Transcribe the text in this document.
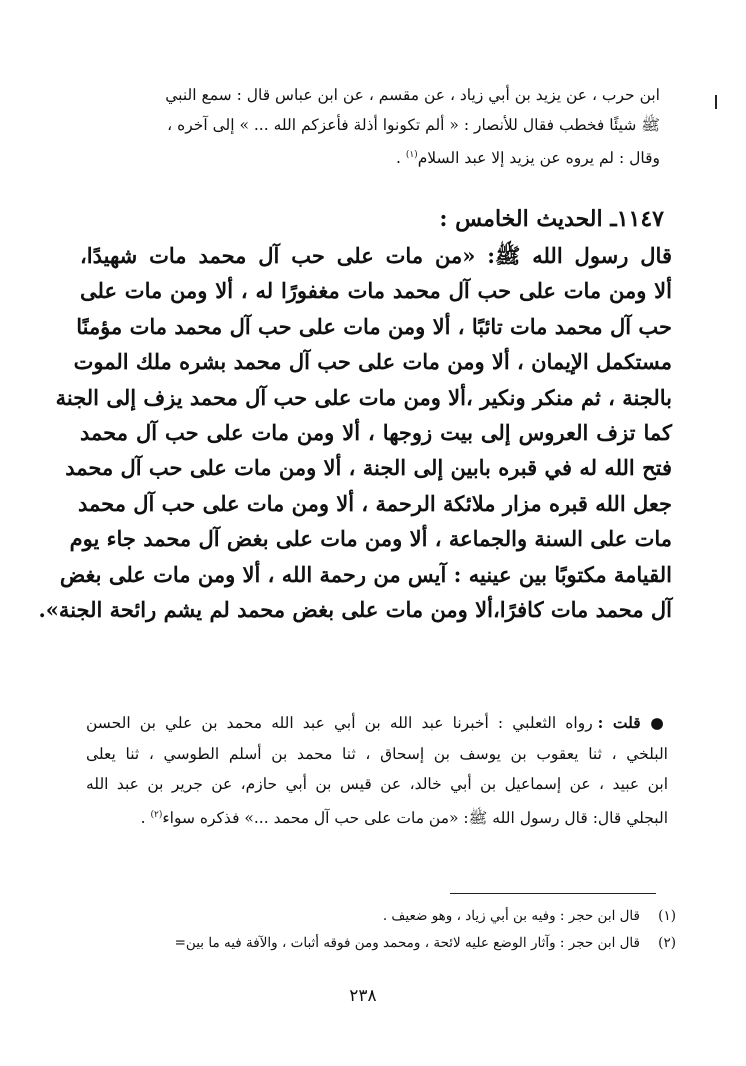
ابن حرب ، عن يزيد بن أبي زياد ، عن مقسم ، عن ابن عباس قال : سمع النبي
ﷺ شيئًا فخطب فقال للأنصار : « ألم تكونوا أذلة فأعزكم الله ... » إلى آخره ،
وقال : لم يروه عن يزيد إلا عبد السلام$^{(١)}$ .
١١٤٧ـ الحديث الخامس :
قال رسول الله ﷺ: «من مات على حب آل محمد مات شهيدًا،
ألا ومن مات على حب آل محمد مات مغفورًا له ، ألا ومن مات على
حب آل محمد مات تائبًا ، ألا ومن مات على حب آل محمد مات مؤمنًا
مستكمل الإيمان ، ألا ومن مات على حب آل محمد بشره ملك الموت
بالجنة ، ثم منكر ونكير ،ألا ومن مات على حب آل محمد يزف إلى الجنة
كما تزف العروس إلى بيت زوجها ، ألا ومن مات على حب آل محمد
فتح الله له في قبره بابين إلى الجنة ، ألا ومن مات على حب آل محمد
جعل الله قبره مزار ملائكة الرحمة ، ألا ومن مات على حب آل محمد
مات على السنة والجماعة ، ألا ومن مات على بغض آل محمد جاء يوم
القيامة مكتوبًا بين عينيه : آيس من رحمة الله ، ألا ومن مات على بغض
آل محمد مات كافرًا،ألا ومن مات على بغض محمد لم يشم رائحة الجنة».
● قلت : رواه الثعلبي : أخبرنا عبد الله بن أبي عبد الله محمد بن علي بن الحسن
البلخي ، ثنا يعقوب بن يوسف بن إسحاق ، ثنا محمد بن أسلم الطوسي ، ثنا يعلى
ابن عبيد ، عن إسماعيل بن أبي خالد، عن قيس بن أبي حازم، عن جرير بن عبد الله
البجلي قال: قال رسول الله ﷺ: «من مات على حب آل محمد ...» فذكره سواء$^{(٢)}$ .
(١)قال ابن حجر : وفيه بن أبي زياد ، وهو ضعيف .
(٢)قال ابن حجر : وآثار الوضع عليه لائحة ، ومحمد ومن فوقه أثبات ، والآفة فيه ما بين=
٢٣٨
